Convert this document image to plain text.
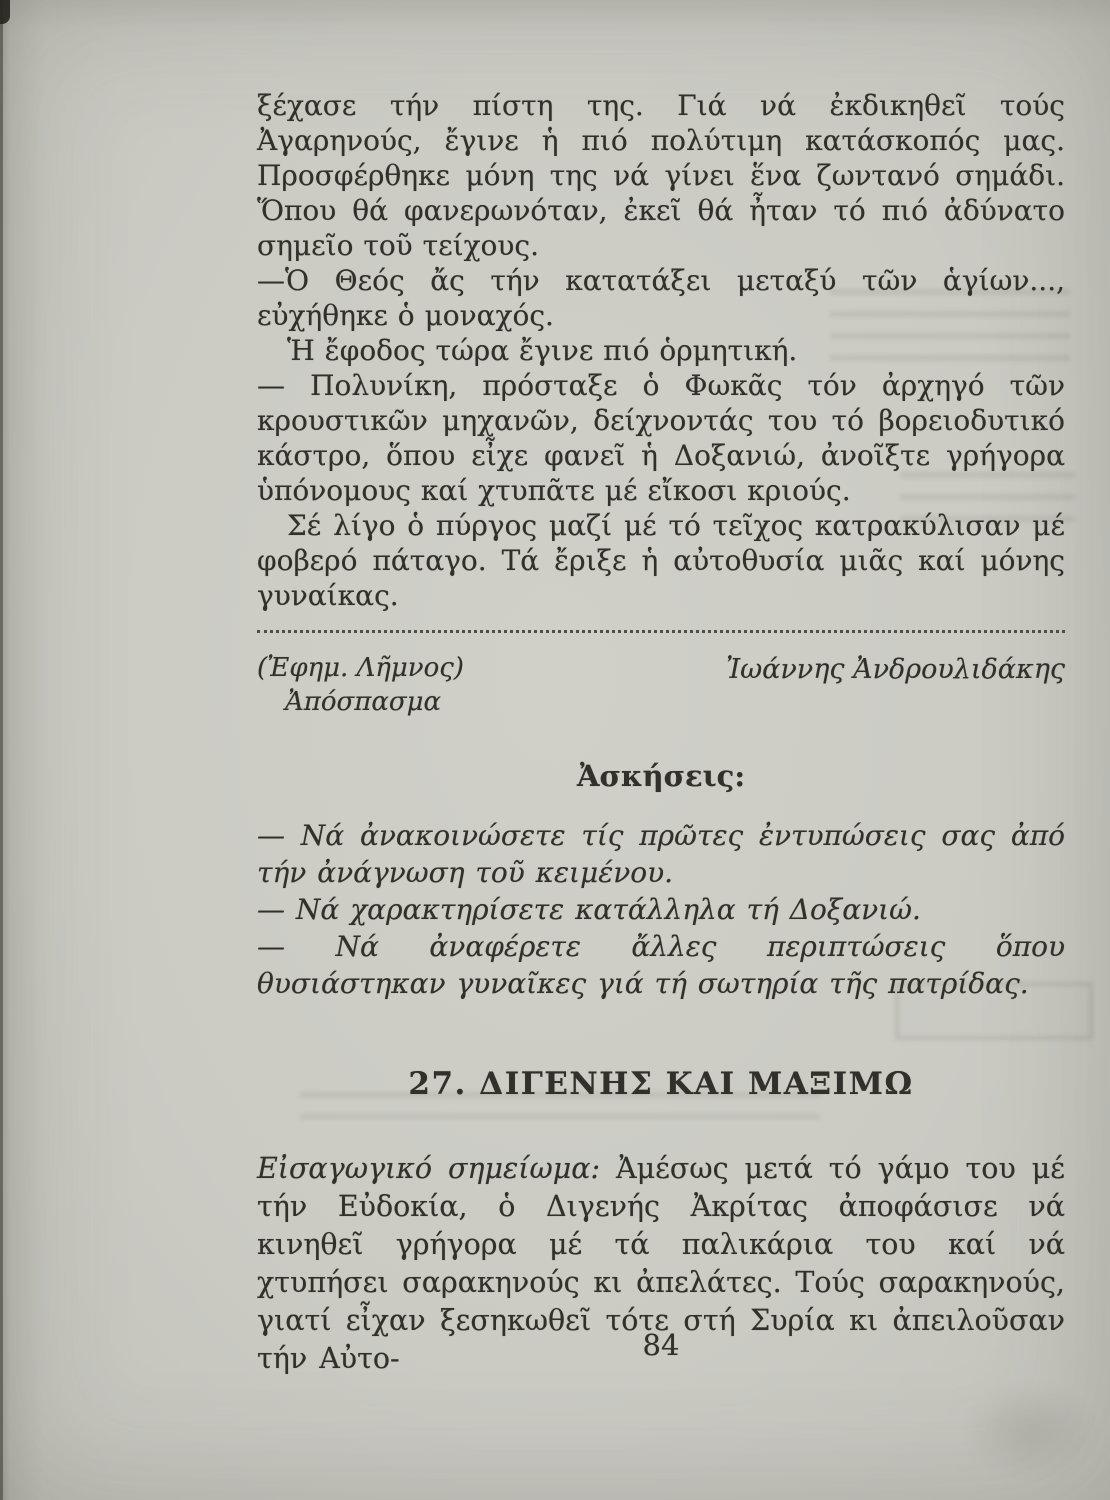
ξέχασε τήν πίστη της. Γιά νά ἐκδικηθεῖ τούς Ἀγαρηνούς, ἔγινε ἡ πιό πολύτιμη κατάσκοπός μας. Προσφέρθηκε μόνη της νά γίνει ἕνα ζωντανό σημάδι. Ὅπου θά φανερωνόταν, ἐκεῖ θά ἦταν τό πιό ἀδύνατο σημεῖο τοῦ τείχους.

—Ὁ Θεός ἄς τήν κατατάξει μεταξύ τῶν ἁγίων..., εὐχήθηκε ὁ μοναχός.

Ἡ ἔφοδος τώρα ἔγινε πιό ὁρμητική.

— Πολυνίκη, πρόσταξε ὁ Φωκᾶς τόν ἀρχηγό τῶν κρουστικῶν μηχανῶν, δείχνοντάς του τό βορειοδυτικό κάστρο, ὅπου εἶχε φανεῖ ἡ Δοξανιώ, ἀνοῖξτε γρήγορα ὑπόνομους καί χτυπᾶτε μέ εἴκοσι κριούς.

Σέ λίγο ὁ πύργος μαζί μέ τό τεῖχος κατρακύλισαν μέ φοβερό πάταγο. Τά ἔριξε ἡ αὐτοθυσία μιᾶς καί μόνης γυναίκας.

(Ἐφημ. Λῆμνος)
Ἀπόσπασμα
Ἰωάννης Ἀνδρουλιδάκης
Ἀσκήσεις:

— Νά ἀνακοινώσετε τίς πρῶτες ἐντυπώσεις σας ἀπό τήν ἀνάγνωση τοῦ κειμένου.

— Νά χαρακτηρίσετε κατάλληλα τή Δοξανιώ.

— Νά ἀναφέρετε ἄλλες περιπτώσεις ὅπου θυσιάστηκαν γυναῖκες γιά τή σωτηρία τῆς πατρίδας.

27. ΔΙΓΕΝΗΣ ΚΑΙ ΜΑΞΙΜΩ

Εἰσαγωγικό σημείωμα: Ἀμέσως μετά τό γάμο του μέ τήν Εὐδοκία, ὁ Διγενής Ἀκρίτας ἀποφάσισε νά κινηθεῖ γρήγορα μέ τά παλικάρια του καί νά χτυπήσει σαρακηνούς κι ἀπελάτες. Τούς σαρακηνούς, γιατί εἶχαν ξεσηκωθεῖ τότε στή Συρία κι ἀπειλοῦσαν τήν Αὐτο-	84
